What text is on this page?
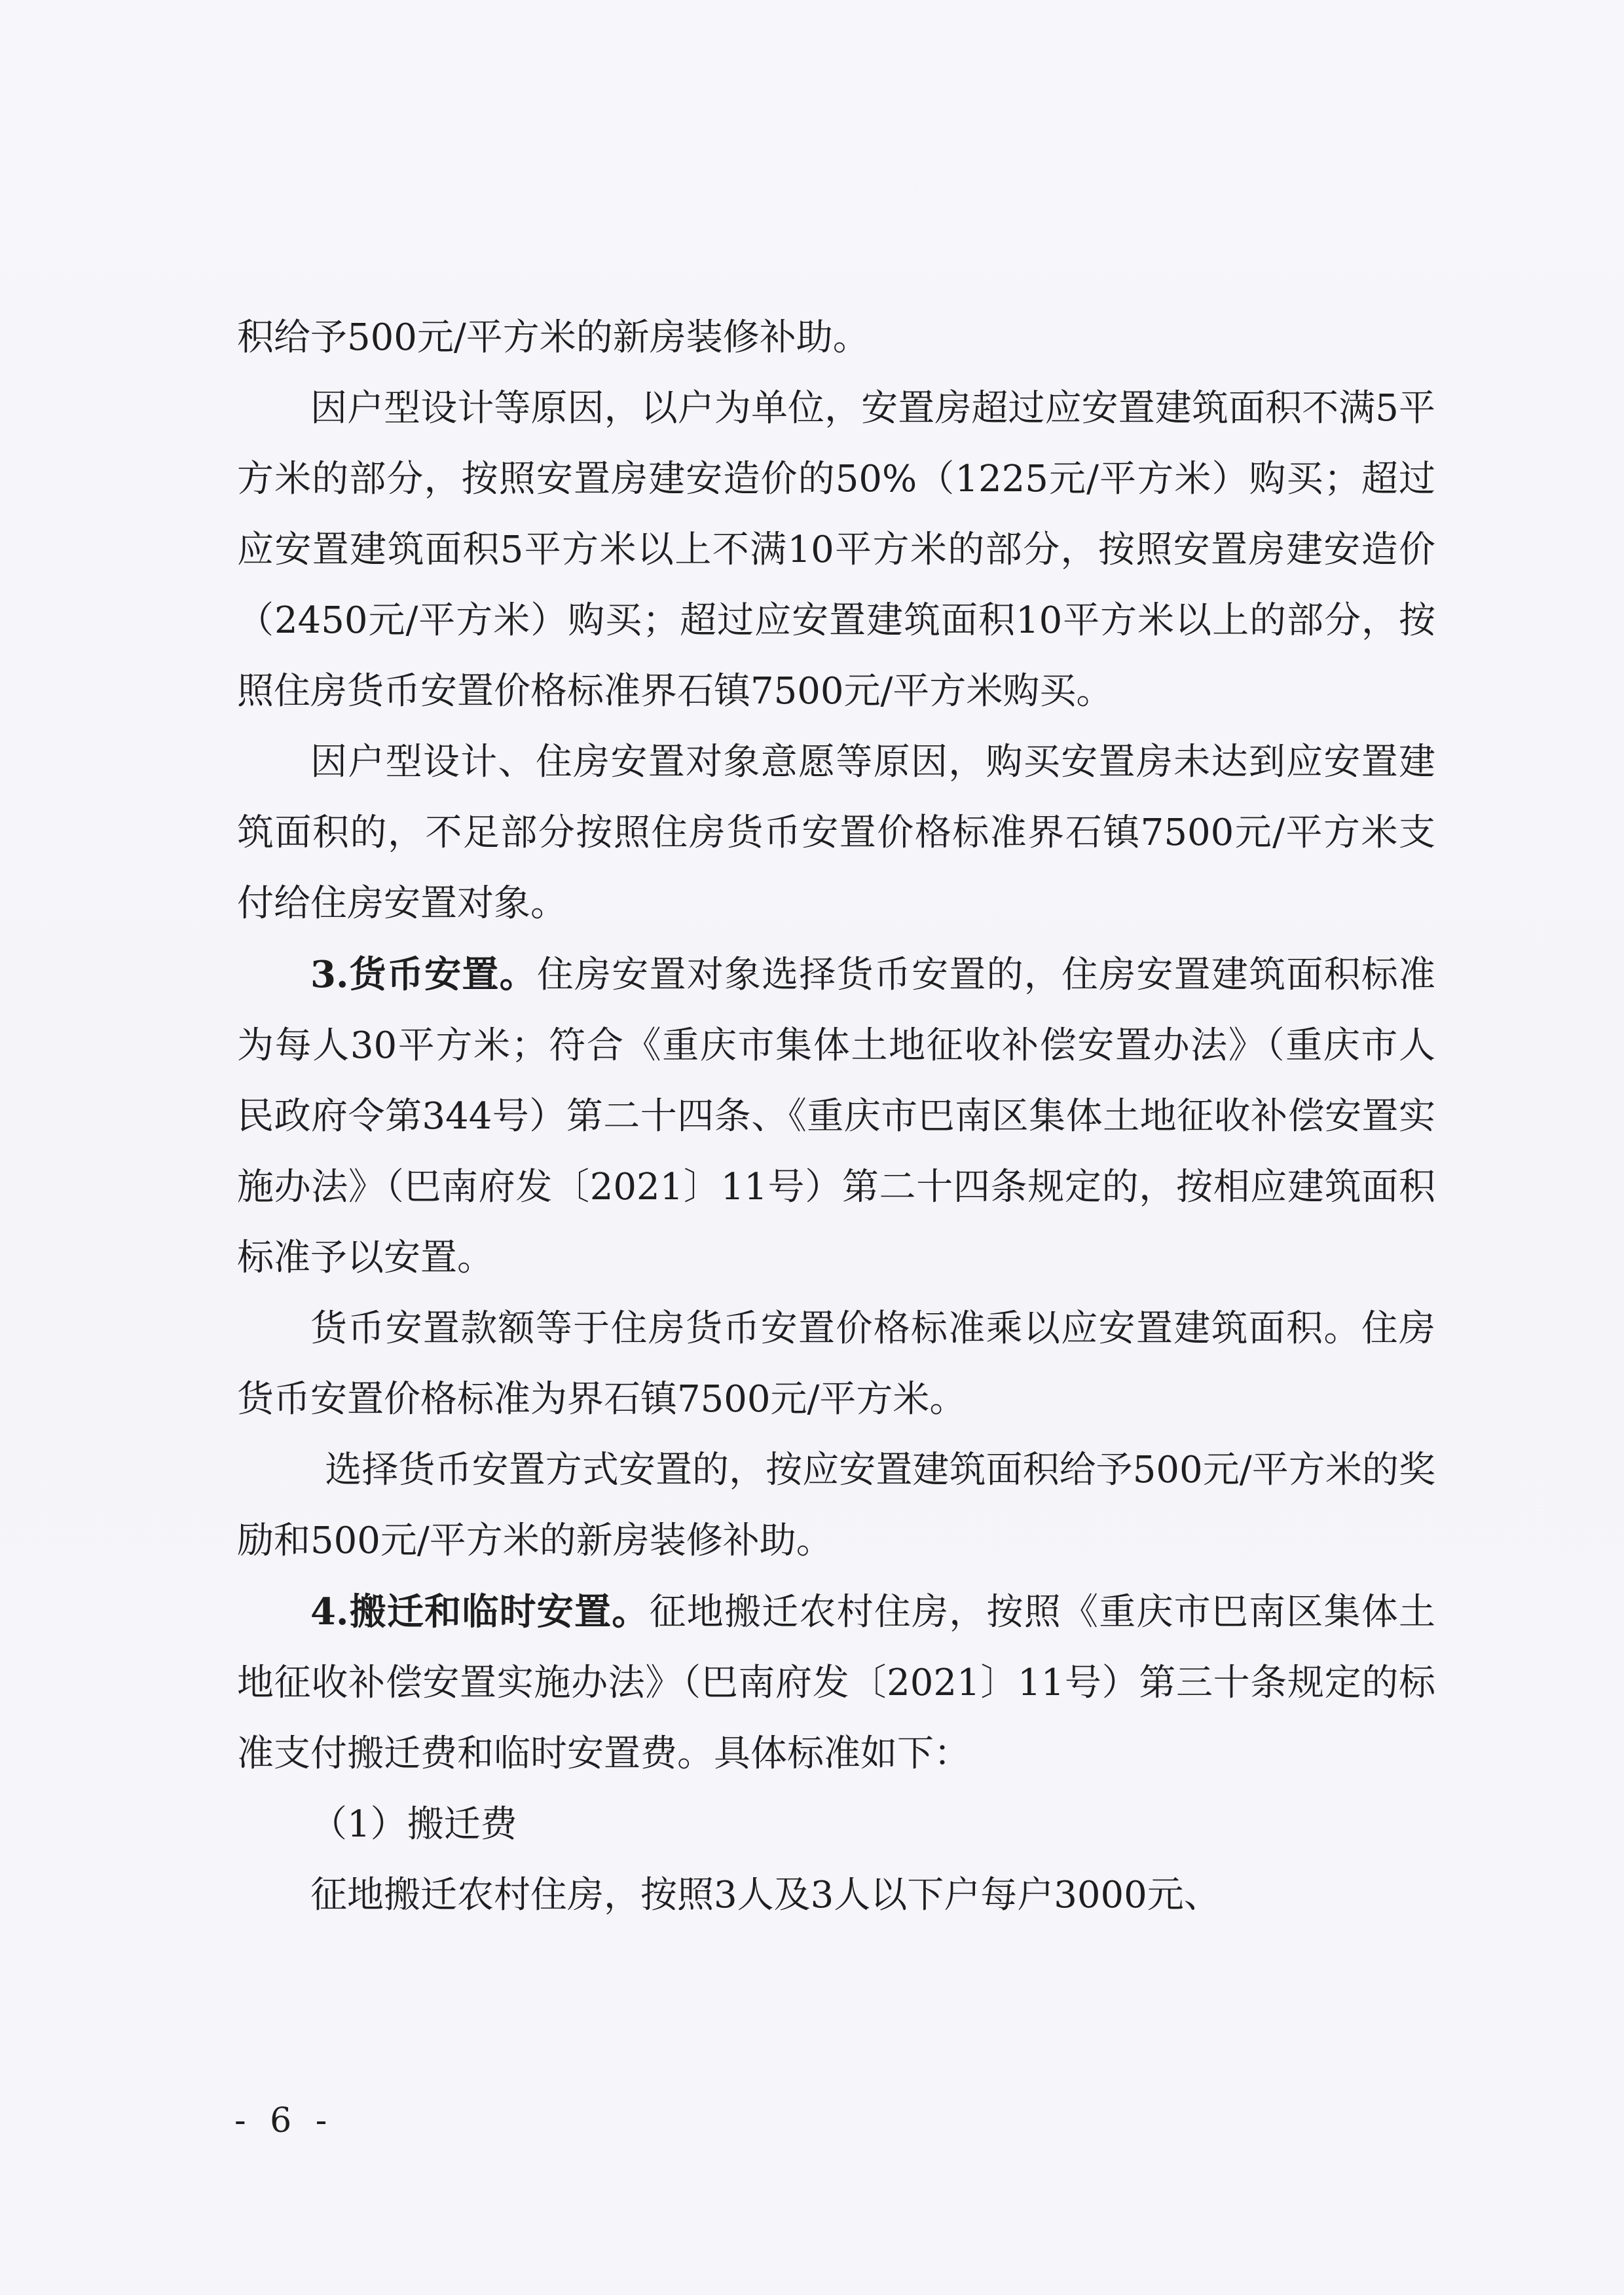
积给予500元/平方米的新房装修补助。

因户型设计等原因，以户为单位，安置房超过应安置建筑面积不满5平方米的部分，按照安置房建安造价的50%（1225元/平方米）购买；超过应安置建筑面积5平方米以上不满10平方米的部分，按照安置房建安造价（2450元/平方米）购买；超过应安置建筑面积10平方米以上的部分，按照住房货币安置价格标准界石镇7500元/平方米购买。

因户型设计、住房安置对象意愿等原因，购买安置房未达到应安置建筑面积的，不足部分按照住房货币安置价格标准界石镇7500元/平方米支付给住房安置对象。

3.货币安置。住房安置对象选择货币安置的，住房安置建筑面积标准为每人30平方米；符合《重庆市集体土地征收补偿安置办法》（重庆市人民政府令第344号）第二十四条、《重庆市巴南区集体土地征收补偿安置实施办法》（巴南府发〔2021〕11号）第二十四条规定的，按相应建筑面积标准予以安置。

货币安置款额等于住房货币安置价格标准乘以应安置建筑面积。住房货币安置价格标准为界石镇7500元/平方米。

选择货币安置方式安置的，按应安置建筑面积给予500元/平方米的奖励和500元/平方米的新房装修补助。

4.搬迁和临时安置。征地搬迁农村住房，按照《重庆市巴南区集体土地征收补偿安置实施办法》（巴南府发〔2021〕11号）第三十条规定的标准支付搬迁费和临时安置费。具体标准如下：

（1）搬迁费

征地搬迁农村住房，按照3人及3人以下户每户3000元、

- 6 -
